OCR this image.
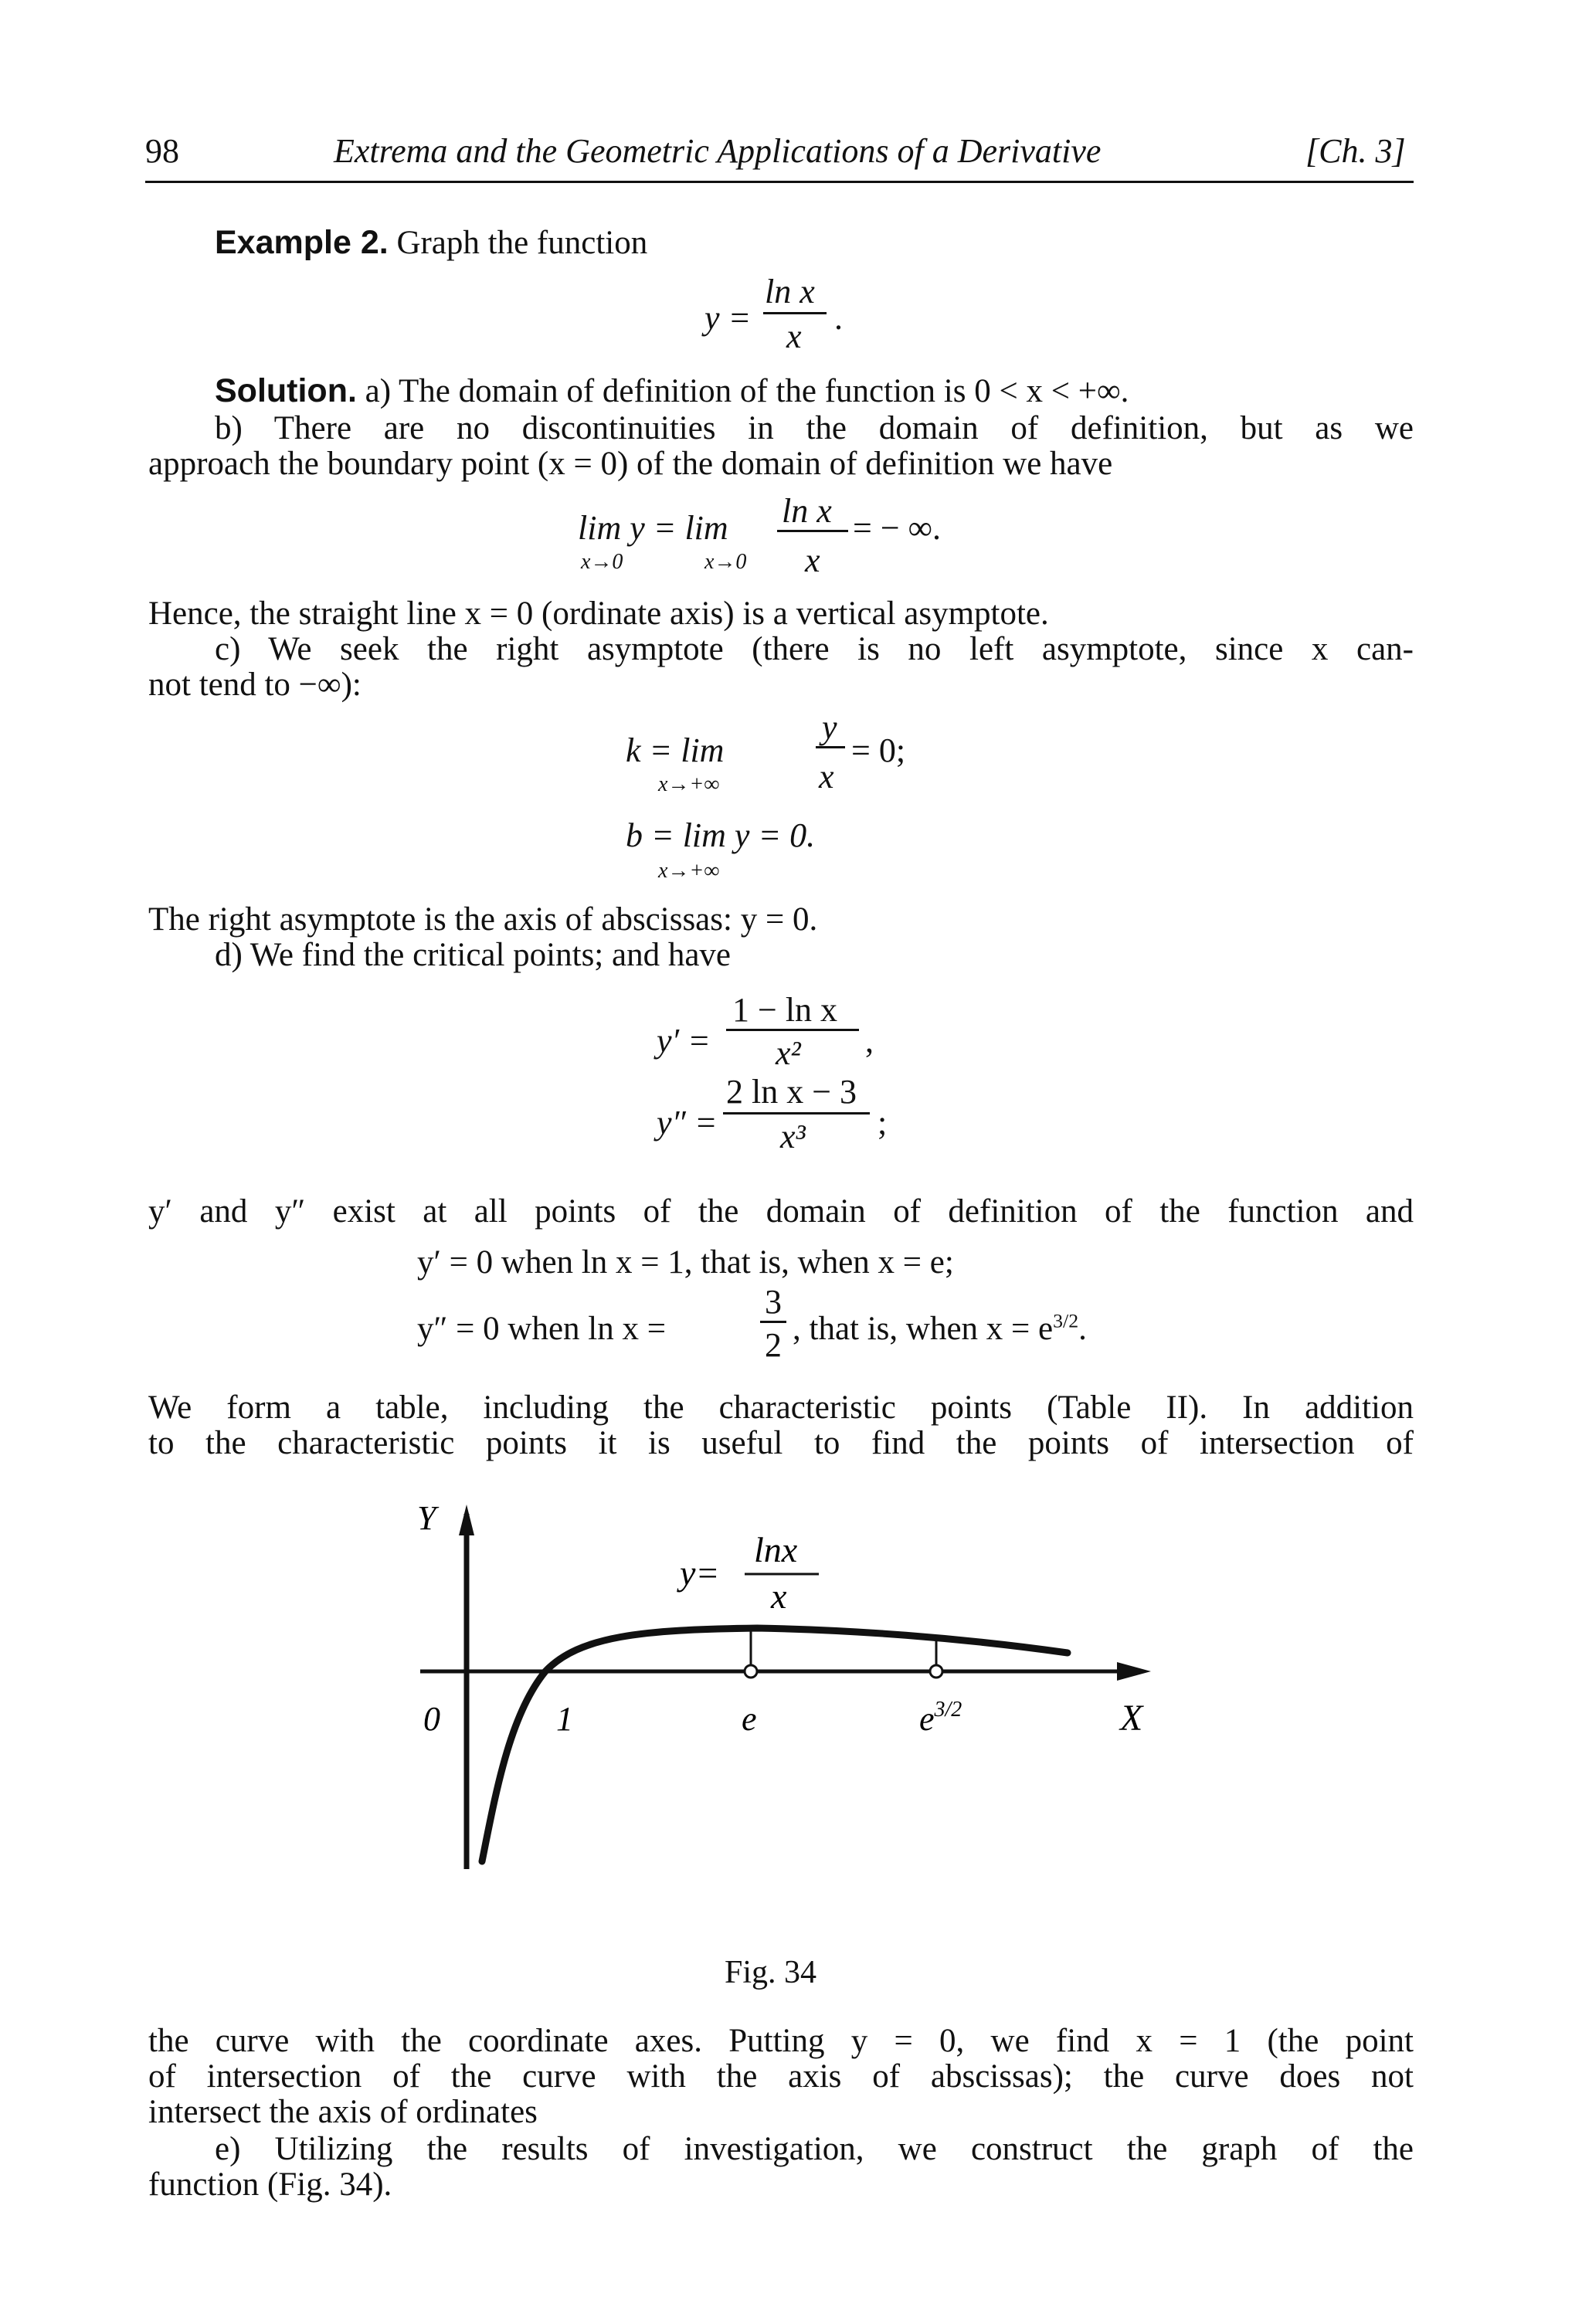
98	Extrema and the Geometric Applications of a Derivative	[Ch. 3]
Example 2. Graph the function
y =
ln x
x .
Solution. a) The domain of definition of the function is 0 < x < +∞.
b) There are no discontinuities in the domain of definition, but as we
approach the boundary point (x = 0) of the domain of definition we have
lim y = lim
x→0	x→0
ln x
x
= − ∞.
Hence, the straight line x = 0 (ordinate axis) is a vertical asymptote.
c) We seek the right asymptote (there is no left asymptote, since x can-
not tend to −∞):
k = lim
x→+∞
y
x
= 0;
b = lim y = 0.
x→+∞
The right asymptote is the axis of abscissas: y = 0.
d) We find the critical points; and have
y′ =
1 − ln x
x² ,
y″ =
2 ln x − 3
x³ ;
y′ and y″ exist at all points of the domain of definition of the function and
y′ = 0 when ln x = 1, that is, when x = e;
y″ = 0 when ln x =
3
2 , that is, when $x = e^{3/2}$.
We form a table, including the characteristic points (Table II). In addition
to the characteristic points it is useful to find the points of intersection of
Y
0	1	e	$e^{3/2}$	X
y=
lnx
x
Fig. 34
the curve with the coordinate axes. Putting y = 0, we find x = 1 (the point
of intersection of the curve with the axis of abscissas); the curve does not
intersect the axis of ordinates
e) Utilizing the results of investigation, we construct the graph of the
function (Fig. 34).
